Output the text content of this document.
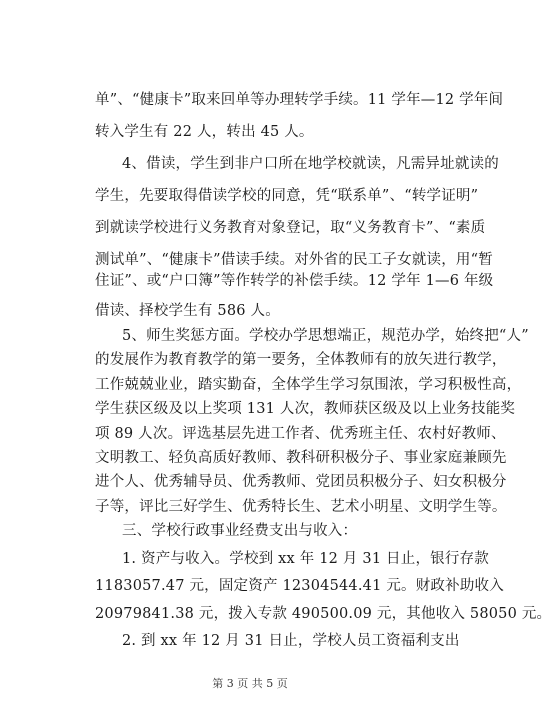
单”、“健康卡”取来回单等办理转学手续。11 学年—12 学年间
转入学生有 22 人，转出 45 人。
4、借读，学生到非户口所在地学校就读，凡需异址就读的
学生，先要取得借读学校的同意，凭“联系单”、“转学证明”
到就读学校进行义务教育对象登记，取“义务教育卡”、“素质
测试单”、“健康卡”借读手续。对外省的民工子女就读，用“暂
住证”、或“户口簿”等作转学的补偿手续。12 学年 1—6 年级
借读、择校学生有 586 人。
5、师生奖惩方面。学校办学思想端正，规范办学，始终把“人”
的发展作为教育教学的第一要务，全体教师有的放矢进行教学，
工作兢兢业业，踏实勤奋，全体学生学习氛围浓，学习积极性高，
学生获区级及以上奖项 131 人次，教师获区级及以上业务技能奖
项 89 人次。评选基层先进工作者、优秀班主任、农村好教师、
文明教工、轻负高质好教师、教科研积极分子、事业家庭兼顾先
进个人、优秀辅导员、优秀教师、党团员积极分子、妇女积极分
子等，评比三好学生、优秀特长生、艺术小明星、文明学生等。
三、学校行政事业经费支出与收入：
1. 资产与收入。学校到 xx 年 12 月 31 日止，银行存款
1183057.47 元，固定资产 12304544.41 元。财政补助收入
20979841.38 元，拨入专款 490500.09 元，其他收入 58050 元。
2. 到 xx 年 12 月 31 日止，学校人员工资福利支出
第 3 页 共 5 页
